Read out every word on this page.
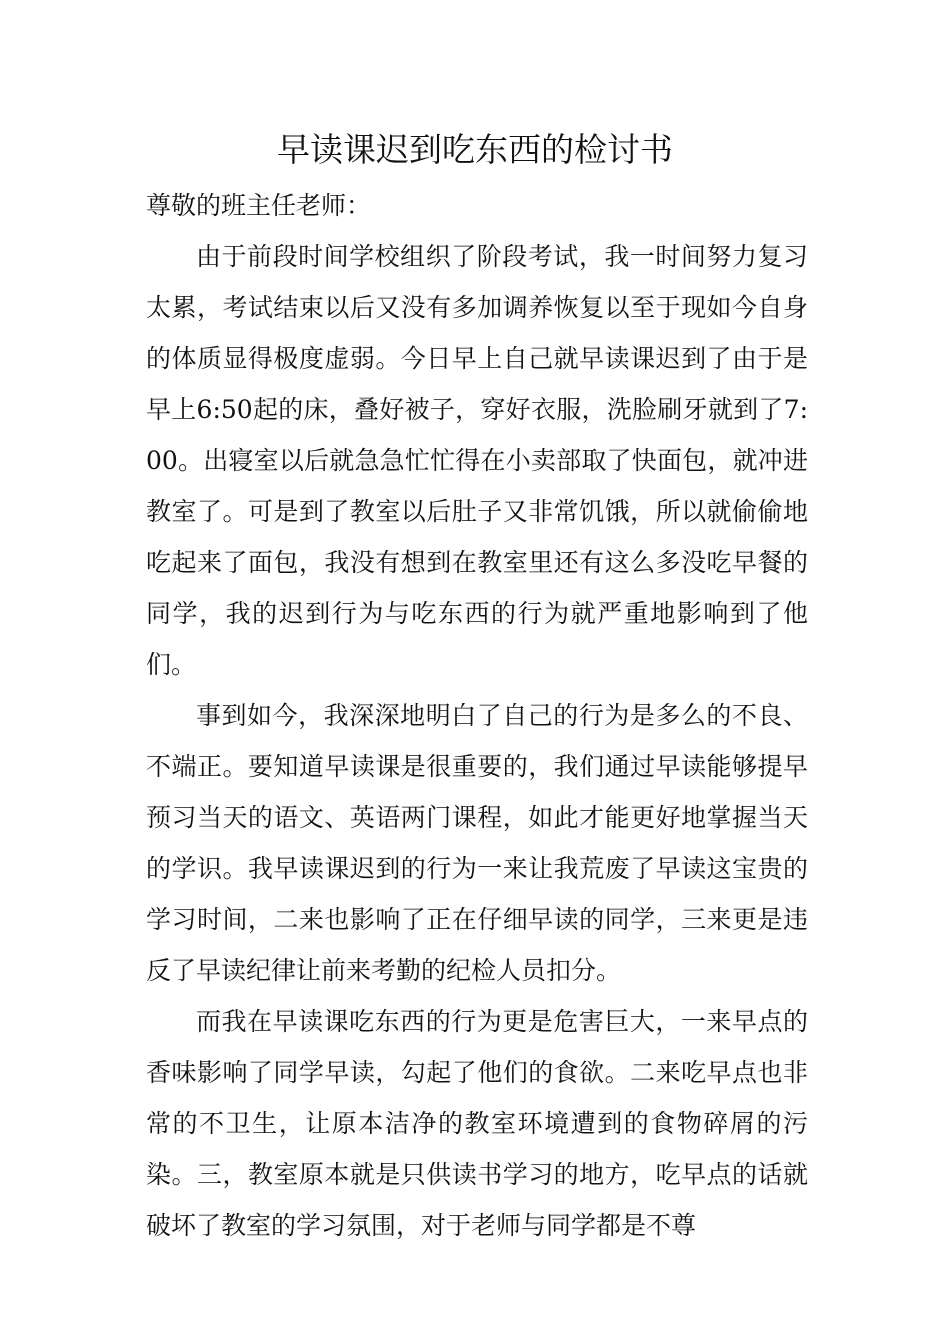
早读课迟到吃东西的检讨书

尊敬的班主任老师：

由于前段时间学校组织了阶段考试，我一时间努力复习太累，考试结束以后又没有多加调养恢复以至于现如今自身的体质显得极度虚弱。今日早上自己就早读课迟到了由于是早上6:50起的床，叠好被子，穿好衣服，洗脸刷牙就到了7:00。出寝室以后就急急忙忙得在小卖部取了快面包，就冲进教室了。可是到了教室以后肚子又非常饥饿，所以就偷偷地吃起来了面包，我没有想到在教室里还有这么多没吃早餐的同学，我的迟到行为与吃东西的行为就严重地影响到了他们。

事到如今，我深深地明白了自己的行为是多么的不良、不端正。要知道早读课是很重要的，我们通过早读能够提早预习当天的语文、英语两门课程，如此才能更好地掌握当天的学识。我早读课迟到的行为一来让我荒废了早读这宝贵的学习时间，二来也影响了正在仔细早读的同学，三来更是违反了早读纪律让前来考勤的纪检人员扣分。

而我在早读课吃东西的行为更是危害巨大，一来早点的香味影响了同学早读，勾起了他们的食欲。二来吃早点也非常的不卫生，让原本洁净的教室环境遭到的食物碎屑的污染。三，教室原本就是只供读书学习的地方，吃早点的话就破坏了教室的学习氛围，对于老师与同学都是不尊
